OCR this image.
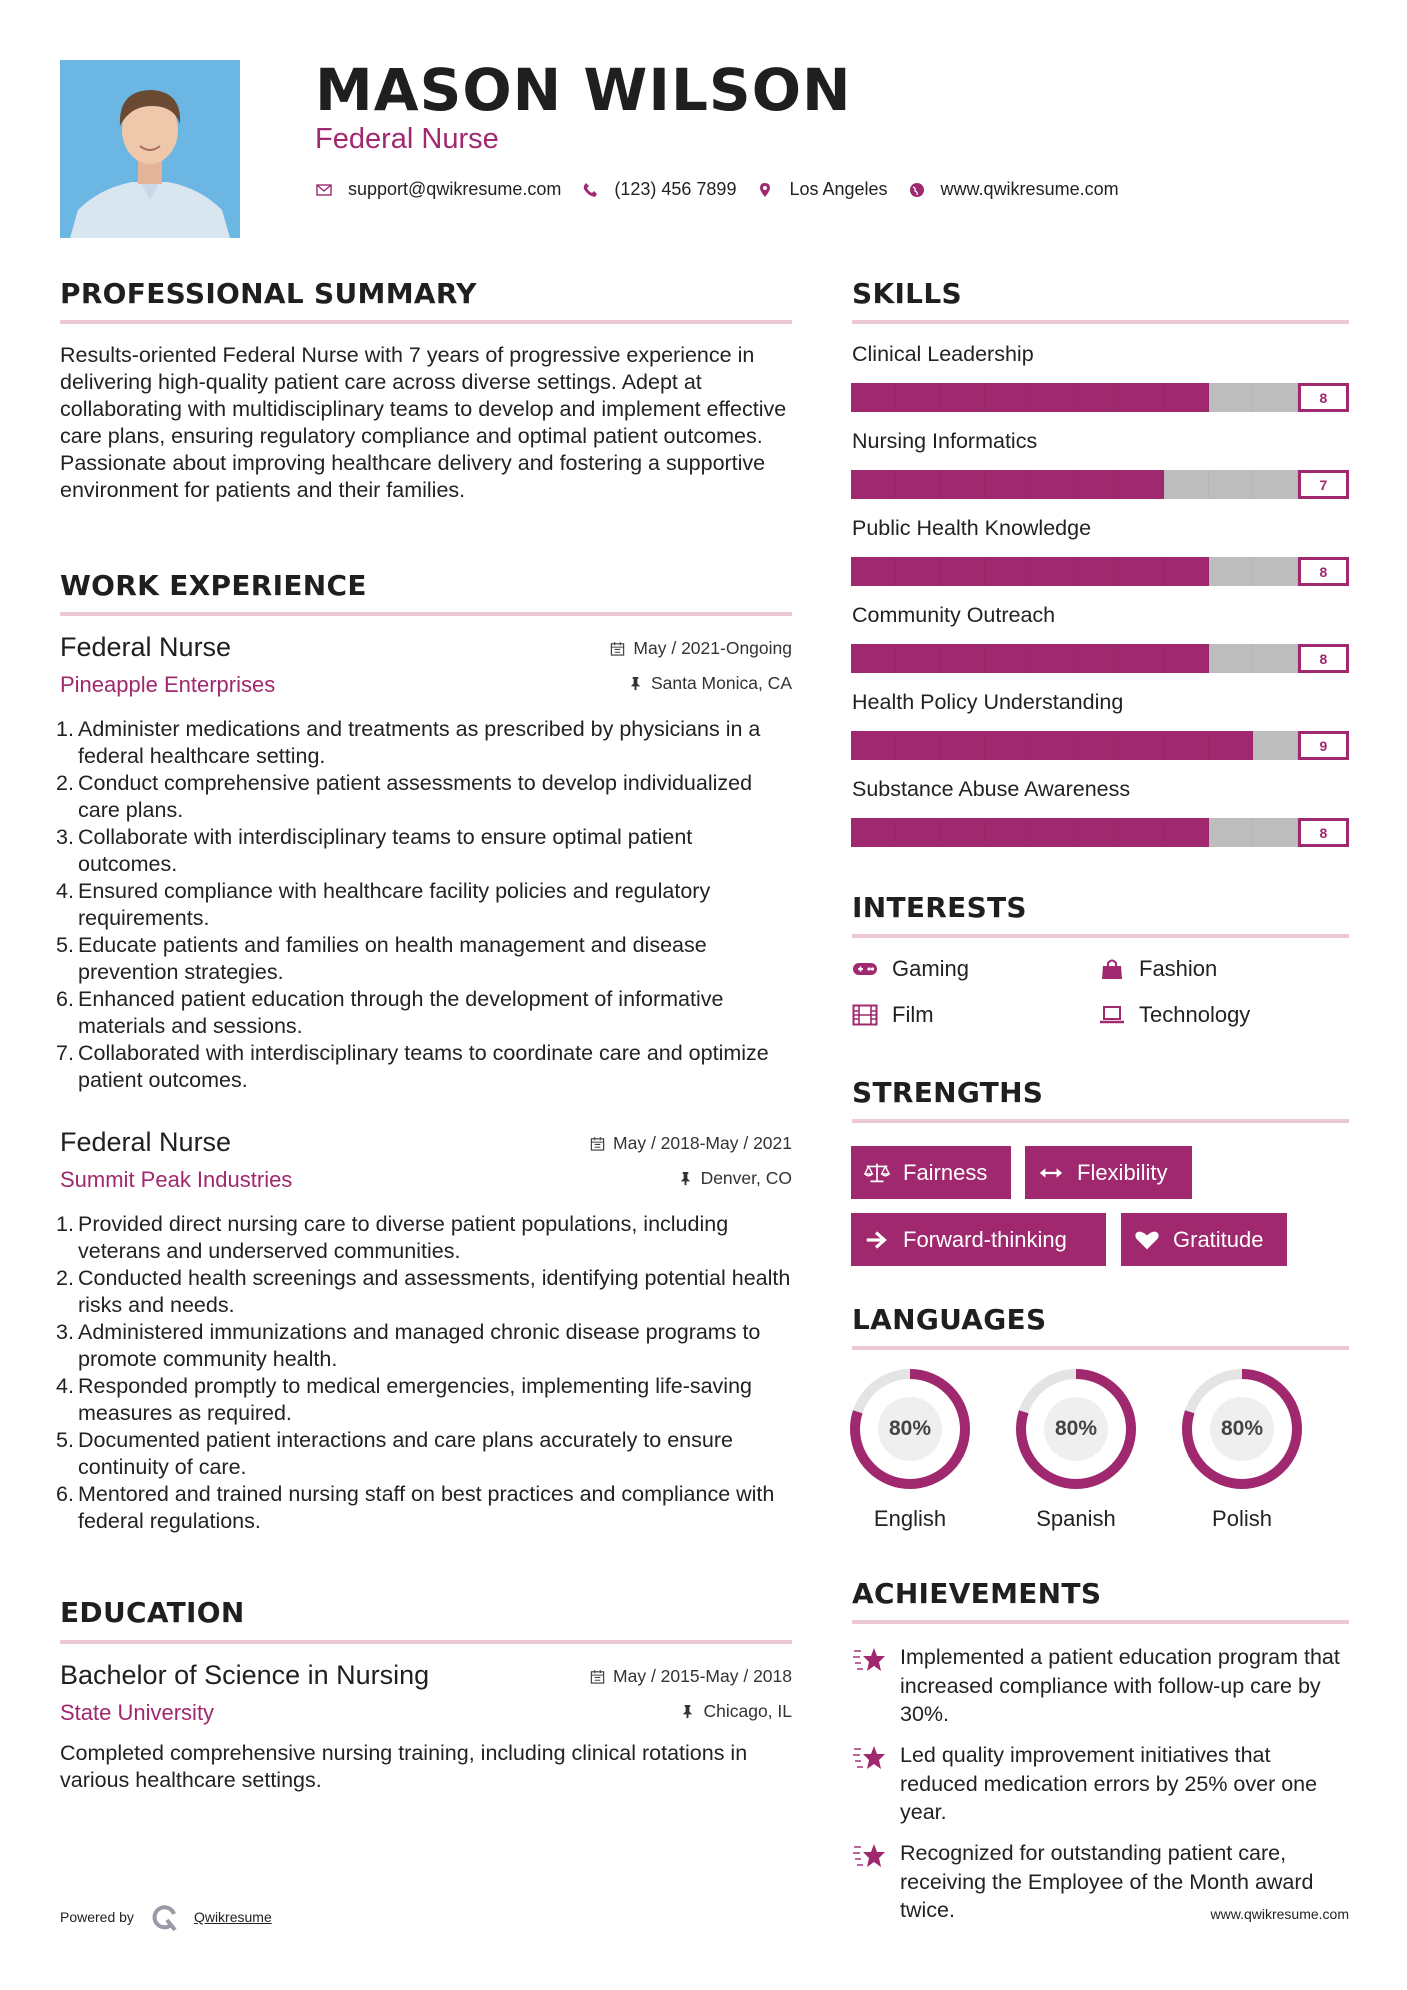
MASON WILSON
Federal Nurse
support@qwikresume.com	(123) 456 7899	Los Angeles	www.qwikresume.com
PROFESSIONAL SUMMARY
Results-oriented Federal Nurse with 7 years of progressive experience in delivering high-quality patient care across diverse settings. Adept at collaborating with multidisciplinary teams to develop and implement effective care plans, ensuring regulatory compliance and optimal patient outcomes. Passionate about improving healthcare delivery and fostering a supportive environment for patients and their families.
WORK EXPERIENCE
Federal Nurse
Pineapple Enterprises
May / 2021-Ongoing
Santa Monica, CA
Administer medications and treatments as prescribed by physicians in a federal healthcare setting.
Conduct comprehensive patient assessments to develop individualized care plans.
Collaborate with interdisciplinary teams to ensure optimal patient outcomes.
Ensured compliance with healthcare facility policies and regulatory requirements.
Educate patients and families on health management and disease prevention strategies.
Enhanced patient education through the development of informative materials and sessions.
Collaborated with interdisciplinary teams to coordinate care and optimize patient outcomes.
Federal Nurse
Summit Peak Industries
May / 2018-May / 2021
Denver, CO
Provided direct nursing care to diverse patient populations, including veterans and underserved communities.
Conducted health screenings and assessments, identifying potential health risks and needs.
Administered immunizations and managed chronic disease programs to promote community health.
Responded promptly to medical emergencies, implementing life-saving measures as required.
Documented patient interactions and care plans accurately to ensure continuity of care.
Mentored and trained nursing staff on best practices and compliance with federal regulations.
EDUCATION
Bachelor of Science in Nursing
State University
May / 2015-May / 2018
Chicago, IL
Completed comprehensive nursing training, including clinical rotations in various healthcare settings.
SKILLS
Clinical Leadership
8
Nursing Informatics
7
Public Health Knowledge
8
Community Outreach
8
Health Policy Understanding
9
Substance Abuse Awareness
8
INTERESTS
Gaming	Fashion
Film	Technology
STRENGTHS
Fairness	Flexibility
Forward-thinking	Gratitude
LANGUAGES
80%
English
80%
Spanish
80%
Polish
ACHIEVEMENTS
Implemented a patient education program that increased compliance with follow-up care by 30%.
Led quality improvement initiatives that reduced medication errors by 25% over one year.
Recognized for outstanding patient care, receiving the Employee of the Month award twice.
Powered by	Qwikresume	www.qwikresume.com
